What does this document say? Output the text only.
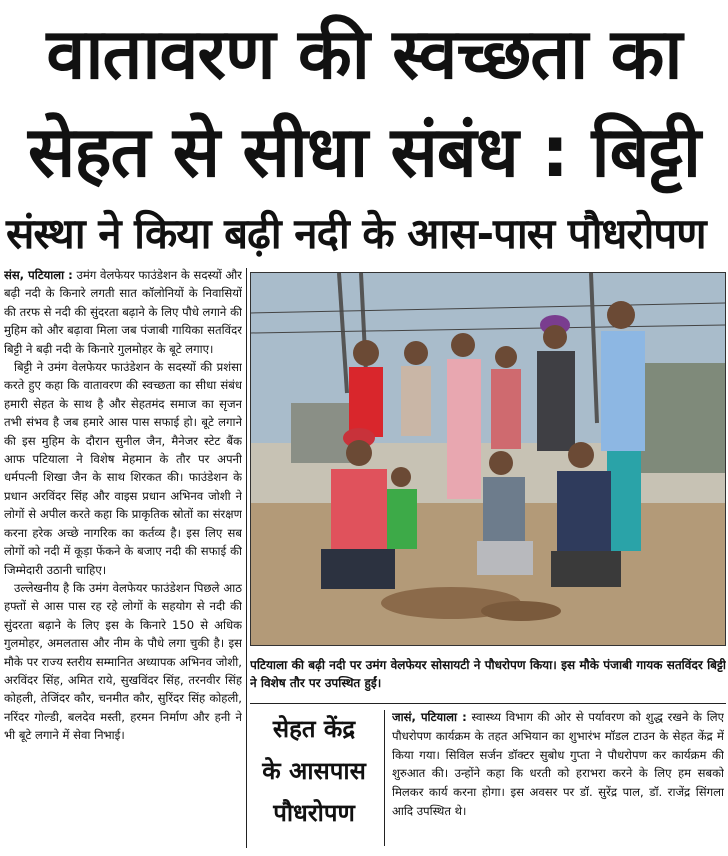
वातावरण की स्वच्छता का
सेहत से सीधा संबंध : बिट्टी
संस्था ने किया बढ़ी नदी के आस-पास पौधरोपण

संस, पटियाला : उमंग वेलफेयर फाउंडेशन के सदस्यों और बढ़ी नदी के किनारे लगती सात कॉलोनियों के निवासियों की तरफ से नदी की सुंदरता बढ़ाने के लिए पौधे लगाने की मुहिम को और बढ़ावा मिला जब पंजाबी गायिका सतविंदर बिट्टी ने बढ़ी नदी के किनारे गुलमोहर के बूटे लगाए।

बिट्टी ने उमंग वेलफेयर फाउंडेशन के सदस्यों की प्रशंसा करते हुए कहा कि वातावरण की स्वच्छता का सीधा संबंध हमारी सेहत के साथ है और सेहतमंद समाज का सृजन तभी संभव है जब हमारे आस पास सफाई हो। बूटे लगाने की इस मुहिम के दौरान सुनील जैन, मैनेजर स्टेट बैंक आफ पटियाला ने विशेष मेहमान के तौर पर अपनी धर्मपत्नी शिखा जैन के साथ शिरकत की। फाउंडेशन के प्रधान अरविंदर सिंह और वाइस प्रधान अभिनव जोशी ने लोगों से अपील करते कहा कि प्राकृतिक स्रोतों का संरक्षण करना हरेक अच्छे नागरिक का कर्तव्य है। इस लिए सब लोगों को नदी में कूड़ा फेंकने के बजाए नदी की सफाई की जिम्मेदारी उठानी चाहिए।

उल्लेखनीय है कि उमंग वेलफेयर फाउंडेशन पिछले आठ हफ्तों से आस पास रह रहे लोगों के सहयोग से नदी की सुंदरता बढ़ाने के लिए इस के किनारे 150 से अधिक गुलमोहर, अमलतास और नीम के पौधे लगा चुकी है। इस मौके पर राज्य स्तरीय सम्मानित अध्यापक अभिनव जोशी, अरविंदर सिंह, अमित राये, सुखविंदर सिंह, तरनवीर सिंह कोहली, तेजिंदर कौर, चनमीत कौर, सुरिंदर सिंह कोहली, नरिंदर गोल्डी, बलदेव मस्ती, हरमन निर्माण और हनी ने भी बूटे लगाने में सेवा निभाई।

पटियाला की बढ़ी नदी पर उमंग वेलफेयर सोसायटी ने पौधरोपण किया। इस मौके पंजाबी गायक सतविंदर बिट्टी ने विशेष तौर पर उपस्थित हुईं।
सेहत केंद्र
के आसपास
पौधरोपण
जासं, पटियाला : स्वास्थ्य विभाग की ओर से पर्यावरण को शुद्ध रखने के लिए पौधरोपण कार्यक्रम के तहत अभियान का शुभारंभ मॉडल टाउन के सेहत केंद्र में किया गया। सिविल सर्जन डॉक्टर सुबोध गुप्ता ने पौधरोपण कर कार्यक्रम की शुरुआत की। उन्होंने कहा कि धरती को हराभरा करने के लिए हम सबको मिलकर कार्य करना होगा। इस अवसर पर डॉ. सुरेंद्र पाल, डॉ. राजेंद्र सिंगला आदि उपस्थित थे।
